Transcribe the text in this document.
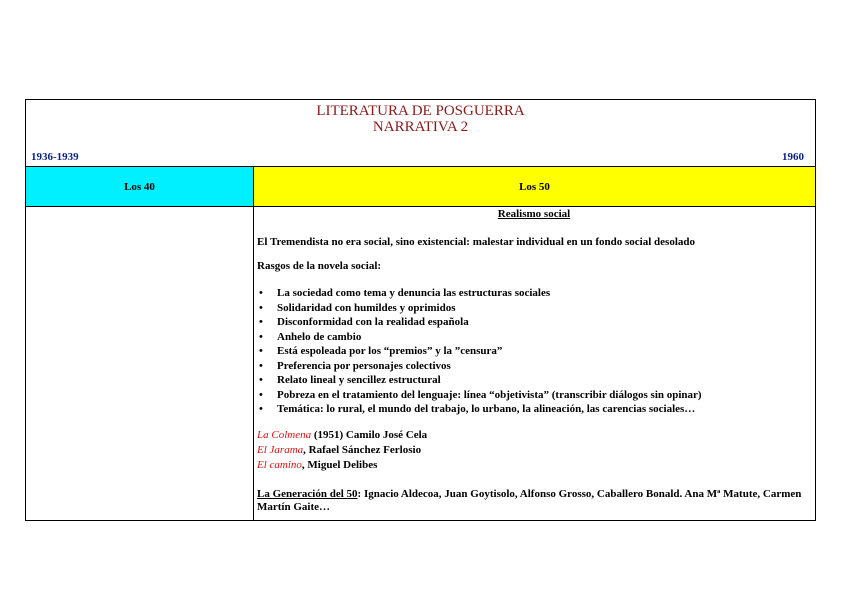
LITERATURA DE POSGUERRA
NARRATIVA 2
1936-1939	1960
Los 40	Los 50
Realismo social

El Tremendista no era social, sino existencial: malestar individual en un fondo social desolado

Rasgos de la novela social:

• La sociedad como tema y denuncia las estructuras sociales
• Solidaridad con humildes y oprimidos
• Disconformidad con la realidad española
• Anhelo de cambio
• Está espoleada por los “premios” y la ”censura”
• Preferencia por personajes colectivos
• Relato lineal y sencillez estructural
• Pobreza en el tratamiento del lenguaje: línea “objetivista” (transcribir diálogos sin opinar)
• Temática: lo rural, el mundo del trabajo, lo urbano, la alineación, las carencias sociales…
La Colmena (1951) Camilo José Cela
El Jarama, Rafael Sánchez Ferlosio
El camino, Miguel Delibes

La Generación del 50: Ignacio Aldecoa, Juan Goytisolo, Alfonso Grosso, Caballero Bonald. Ana Mª Matute, Carmen Martín Gaite…
